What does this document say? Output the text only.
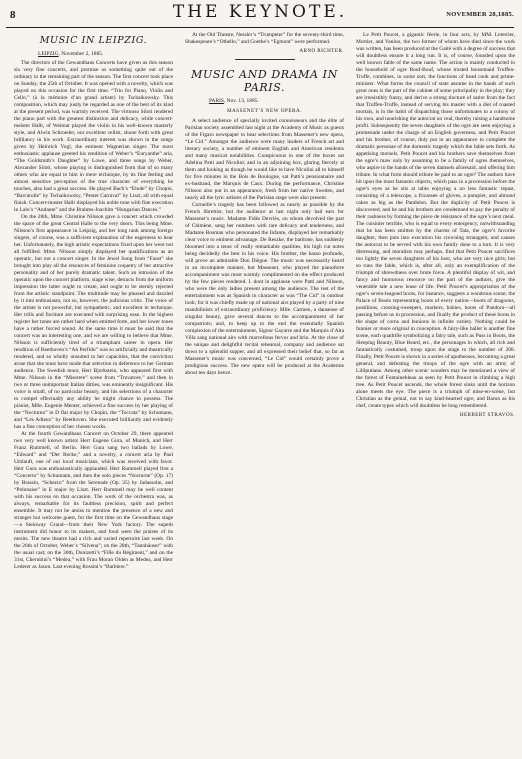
8	THE KEYNOTE.	NOVEMBER 28,1885.
MUSIC IN LEIPZIG.
LEIPZIG, November 2, 1885.

The directors of the Gewandhaus Concerts have given us this season six very fine concerts, and promise us something quite out of the ordinary in the remaining part of the season. The first concert took place on Sunday, the 25th of October. It was opened with a novelty, which was played on this occasion for the first time. “Trio for Piano, Violin and Cello,” (à la mémoire d’un grand artiste) by Tschaikowsky. This composition, which may justly be regarded as one of the best of its kind at the present period, was warmly received. The virtuoso Siloti rendered the piano part with the greatest distinction and delicacy, while concert-meister Hallr, of Weimar played the violin in his well-known masterly style, and Alwin Schroeder, our excellent cellist, shone forth with great brilliancy in his work. Extraordinary interest was shown in the songs given by Heinrich Vogl, the eminent Wagnerian singer. The most enthusiastic applause greeted his rendition of Weber’s “Euryanthe” aria, “The Goldsmith’s Daughter” by Lowe, and three songs by Weber, Alexander Siloti, whose playing is distinguished from that of so many others who are equal to him in mere technique, by its fine feeling and almost sensitive perception of the true character of everything he touches, also had a great success. He played Bach’s “Etude” by Chopin, “Barcarolle” by Tschaikowsky, “Pester Carnival” by Liszt, all with equal finish. Concert-master Hallr displayed his noble tone with fine execution in Lalo’s “Andante” and the Brahms-Joachim “Hungarian Dances.”

On the 28th, Mme. Christine Nilsson gave a concert which crowded the space of the great Central Halle to the very doors. This being Mme. Nilsson’s first appearance in Leipzig, and her long rank among foreign singers, of course, was a sufficient explanation of the eagerness to hear her. Unfortunately, the high artistic expectations fixed upon her were not all fulfilled. Mme. Nilsson simply displayed her qualifications as an operatic, but not a concert singer. In the Jewel Song from “Faust” she brought into play all the resources of feminine coquetry of her attractive personality and of her purely dramatic talent. Such an intrusion of the operatic upon the concert platform, stage wise, detracts from the uniform impression the latter ought to create, and ought to be sternly rejected from the artistic standpoint. The multitude may be pleased and dazzled by it into enthusiasm, not so, however, the judicious critic. The voice of the artiste is not powerful, but sympathetic, and excellent in technique. Her trills and fioriture are executed with surprising ease. In the highest register her tones are rather hard when emitted forte, and her lower tones have a rather forced sound. At the same time it must be said that the concert was an interesting one, and we are willing to believe that Mme. Nilsson is sufficiently tired of a triumphant career in opera. Her rendition of Beethoven’s “Ah Perfido” was so artificially and theatrically rendered, and so wholly unsuited to her capacities, that the conviction arose that she must have made that selection in deference to her German audience. The Swedish tenor, Herr Bjorkstein, who appeared first with Mme. Nilsson in the “Miserere” scene from “Trovatore,” and then in two or three unimportant Italian ditties, was eminently insignificant. His voice is small, of no particular beauty, and his selections of a character to compel effectually any ability he might chance to possess. The pianist, Mlle. Eugenie Menter, achieved a fine success by her playing of the “Nocturno” in D flat major by Chopin, the “Toccata” by Schumann, and “Les Adieux” by Beethoven. She executed brilliantly and evidently has a fine conception of her chosen works.

At the fourth Gewandhaus Concert on October 29, there appeared two very well known artists Herr Eugene Gura, of Munich, and Herr Franz Rummell, of Berlin. Herr Gura sang two ballads by Lowe, “Edward” and “Der Recke,” and a novelty, a concert aria by Paul Umlauft, one of our local musicians, which was received with favor. Herr Gura was enthusiastically applauded. Herr Rummell played first a “Concerto” by Schumann, and then the solo pieces “Nocturne” (Op. 17) by Brassin, “Scherzo” from the Serenade (Op. 35) by Jadassohn, and “Polonaise” in E major by Liszt. Herr Rummell may be well content with his success on that occasion. The work of the orchestra was, as always, remarkable for its faultless precision, spirit and perfect ensemble. It may not be amiss to mention the presence of a new and stranger but welcome guest, for the first time on the Gewandhaus stage—a Steinway Grand—from their New York factory. The superb instrument did honor to its makers, and loud were the praises of its merits. The new theatre had a rich and varied repertoire last week. On the 26th of October, Weber’s “Silvena”; on the 28th, “Tannhäuser” with the usual cast; on the 30th, Donizetti’s “Fille du Régiment,” and on the 31st, Cherubini’s “Medea,” with Frau Moran Olden as Medea, and Herr Lederer as Jason. Last evening Rossini’s “Barbiere.”

At the Old Theatre, Nessler’s “Trumpeter” for the seventy-third time, Shakespeare’s “Othello,” and Goethe’s “Egmont” were performed.

ARNO RICHTER.
MUSIC AND DRAMA IN PARIS.
PARIS, Nov. 13, 1885.
MASSENET’S NEW OPERA.

A select audience of specially invited connoisseurs and the élite of Parisian society assembled last night at the Academy of Music as guests of the Figaro newspaper to hear selections from Massenet’s new opera, “Le Cid.” Amongst the audience were many leaders of French art and literary society, a number of eminent English and American residents and many musical notabilities. Conspicuous in one of the boxes sat Adelina Patti and Nicolini; and in an adjoining box, glaring fiercely at them and looking as though he would like to have Nicolini all to himself for five minutes in the Bois de Boulogne, sat Patti’s pensionnaire and ex-husband, the Marquis de Caux. During the performance, Christine Nilsson also put in an appearance, fresh from her native Sweden, and nearly all the lyric artistes of the Parisian stage were also present.

Corneille’s tragedy has been followed as nearly as possible by the French librettist, but the audience at last night only had ears for Massenet’s music. Madame Fidès Devriès, on whom devolved the part of Chimène, sang her numbers with rare delicacy and tenderness, and Madame Bosman who personated the Infante, displayed her remarkably clear voice to eminent advantage. De Reszke, the baritone, has suddenly bloomed into a tenor of really remarkable qualities, his high cut notes being decidedly the best in his voice. His brother, the basso profundo, will prove an admirable Don Diègue. The music was necessarily heard in an incomplete manner, but Massenet, who played the pianoforte accompaniment was most warmly complimented on the effect produced by the few pieces rendered. I. dont in applause were Patti and Nilsson, who were the only ladies present among the audience. The rest of the entertainment was as Spanish in character as was “The Cid” in outdoor look; for it was chiefly made up of national airs played by a party of nine mandolinists of extraordinary proficiency. Mlle. Carmen, a danseuse of singular beauty, gave several dances to the accompaniment of her compatriots; and, to keep up to the end the essentially Spanish complexion of the entertainment, Signor Gayarre and the Marquis d’Alta Villa sang national airs with marvellous fervor and brio. At the close of the unique and delightful recital rehearsal, company and audience sat down to a splendid supper, and all expressed their belief that, so far as Massenet’s music was concerned, “Le Cid” would certainly prove a prodigious success. The new opera will be produced at the Academie about ten days hence.

Le Petit Poucet, a gigantic féerie, in four acts, by MM. Leterrier, Mortier, and Vanloo, the two former of whom have died since the work was written, has been produced at the Gaité with a degree of success that will doubtless ensure it a long run. It is, of course, founded upon the well known fable of the same name. The action is mainly conducted in the household of ogre Bouf-Bouf, whose trusted housemaid Truffen-Truffe, combines, in some sort, the functions of head cook and prime-minister. What forms the council of state assume in the hands of such great ones is the part of the cabinet of some principality in the play; they are irresistibly funny, and derive a strong tincture of satire from the fact that Truffen-Truffe, instead of serving his master with a diet of roasted mortals, is in the habit of dispatching those unfortunates to a colony of his own, and nourishing the autocrat on veal, thereby raising a handsome profit. Subsequently the seven daughters of the ogre are seen enjoying a promenade under the charge of an English governess, and Petit Poucet and his brother, of course, duly put in an appearance to complete the dramatic personae of the domestic tragedy which the fable sets forth. As appetising morsels, Petit Poucet and his brothers save themselves from the ogre’s maw only by assuming to be a family of ogres themselves, who aspire to the hands of the seven damsels aforesaid, and offering him tribute. In what form should tribute be paid to an ogre? The authors have hit upon the most fantastic objects, which pass in a procession before the ogre’s eyes as he sits at table enjoying a no less fantastic repast, consisting of a telescope, a fricassee of gloves, a pompier, and almond cakes as big as the Panthéon. But the duplicity of Petit Poucet is discovered, and he and his brothers are condemned to pay the penalty of their rashness by forming the pièce de résistance of the ogre’s next meal. The cuisinier terrible, who is equal to every emergency, notwithstanding that he has been smitten by the charms of Tata, the ogre’s favorite daughter, then puts into execution his crowning stratagem, and causes the autocrat to be served with his own family done to a turn. It is very distressing, and moralists may perhaps, find that Petit Poucet sacrifices too lightly the seven daughters of his host, who are very nice girls; but so runs the fable, which is, after all, only an exemplification of the triumph of shrewdness over brute force. A plentiful display of wit, and fancy and humorous resource on the part of the authors, give the venerable tale a new lease of life. Petit Poucet’s appropriation of the ogre’s seven-leagued boots, for instance, suggests a wondrous scene, the Palace of Boots representing boots of every nation—boots of dragoons, postilions, crossing-sweepers, markers, babies, boots of Pandora—all passing before us in procession, and finally the product of these boots in the shape of corns and bunions in infinite variety. Nothing could be funnier or more original in conception. A fairy-like ballet is another fine scene, each quadrille symbolizing a fairy tale, such as Puss in Boots, the Sleeping Beauty, Blue Beard, etc., the personages in which, all rich and fantastically costumed, troop upon the stage to the number of 200. Finally, Petit Poucet is shown in a series of apotheoses, becoming a great general, and defeating the troops of the ogre with an army of Lilliputians. Among other scenic wonders may be mentioned a view of the forest of Fontainebleau as seen by Petit Poucet in climbing a high tree. As Petit Poucet ascends, the whole forest sinks until the horizon alone meets the eye. The piece is a triumph of mise-en-scène, but Christian as the genial, not to say kind-hearted ogre, and Baron as his chef, create types which will doubtless be long remembered.

HERBERT STRAVOS.
